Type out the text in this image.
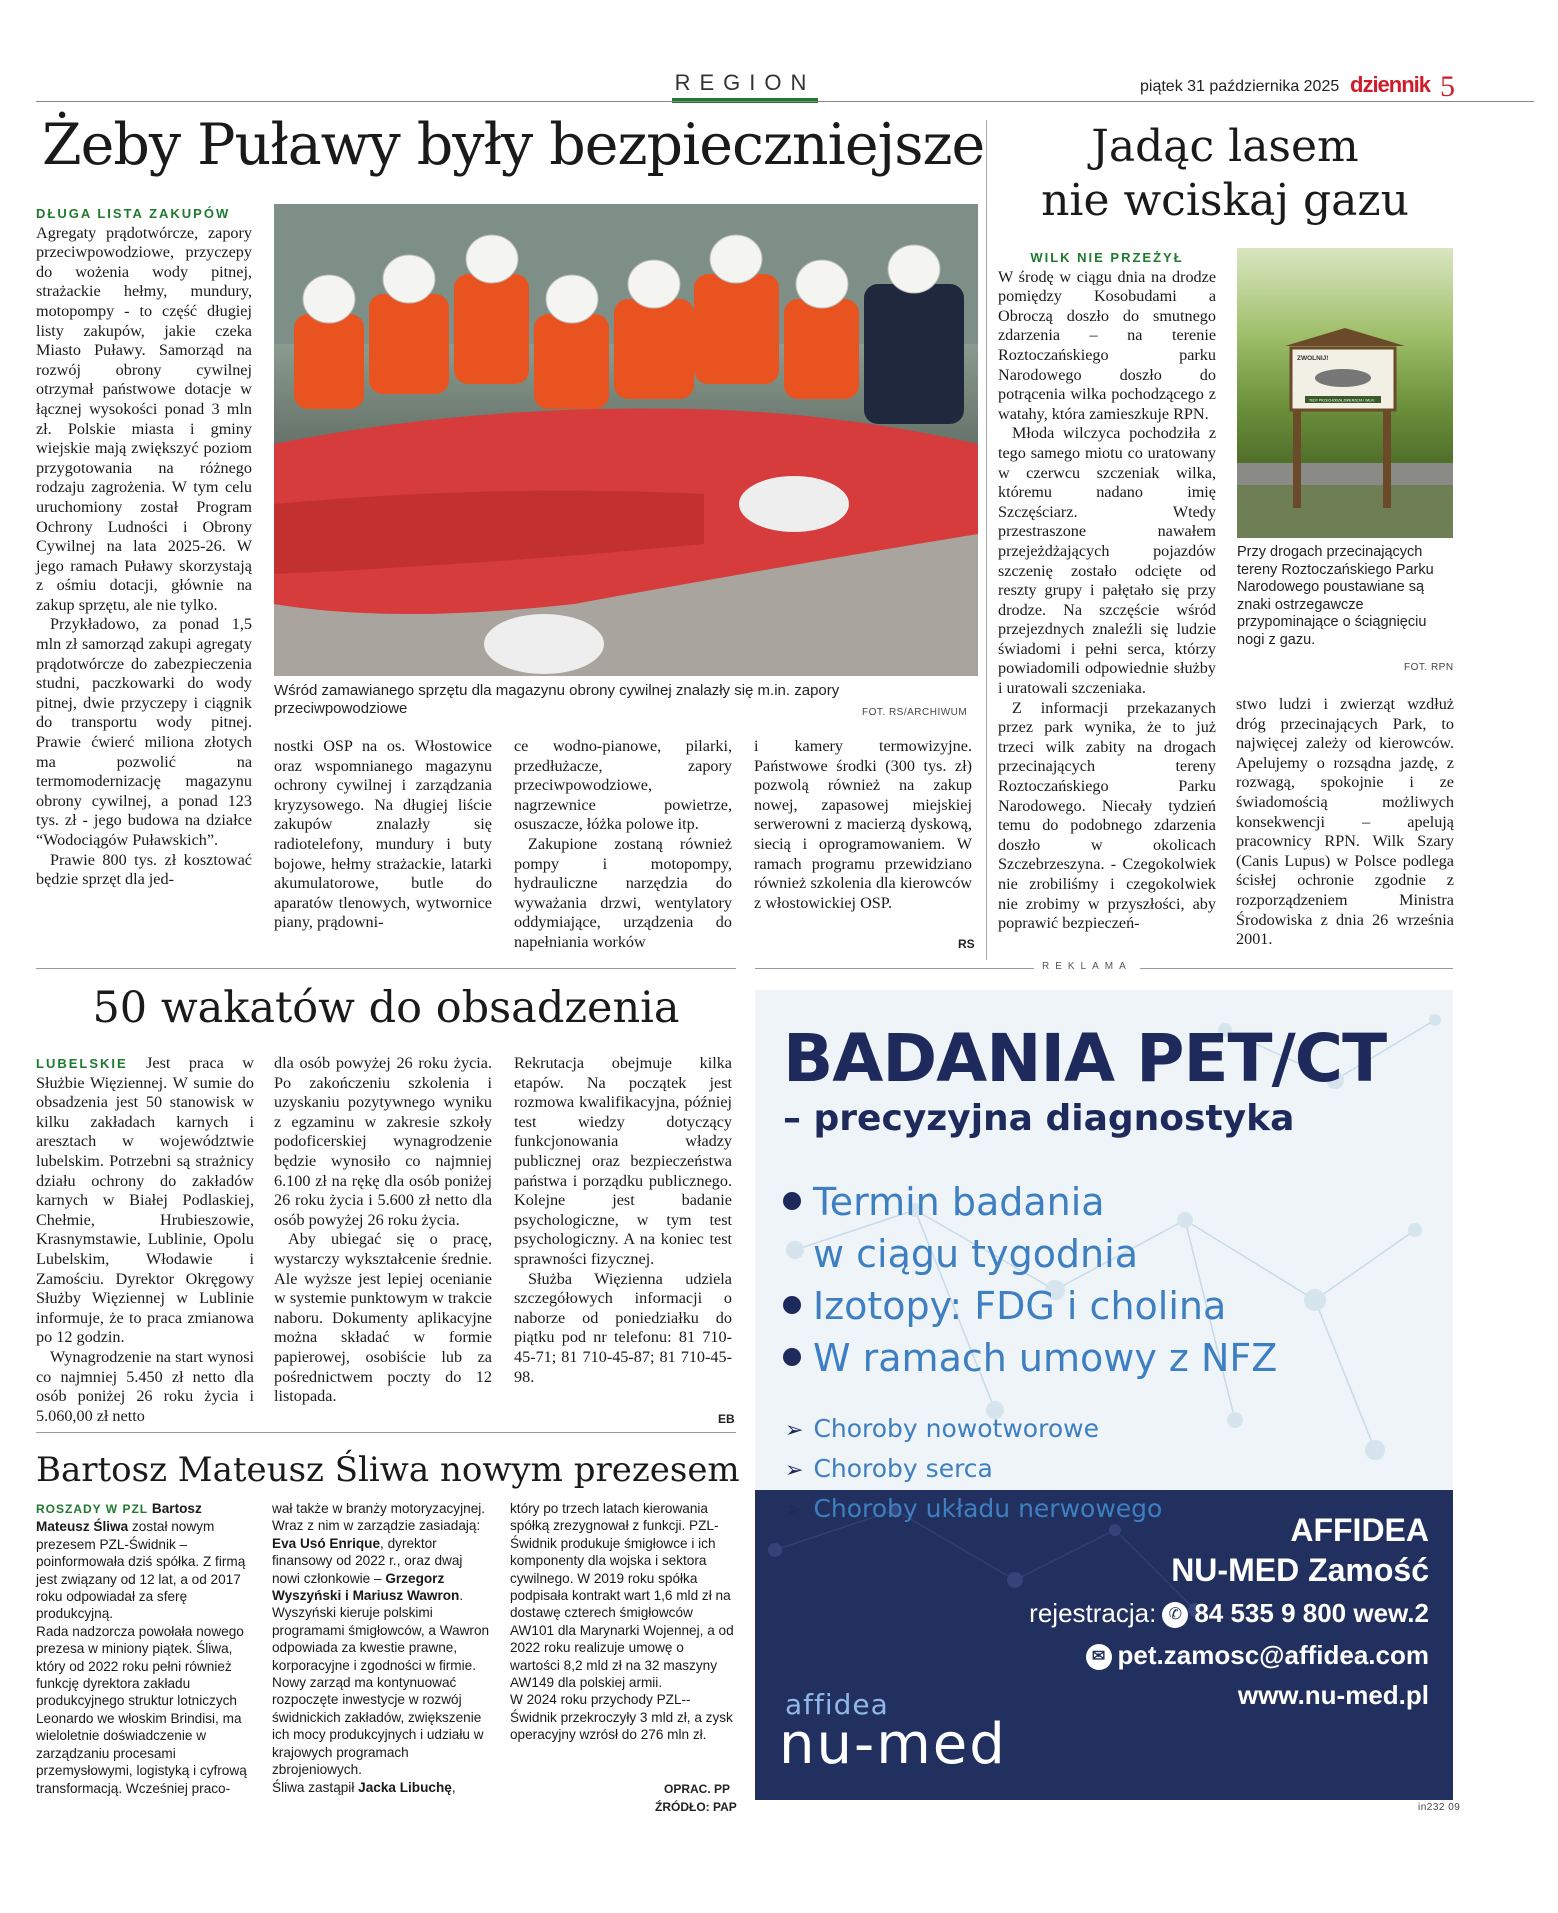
REGION	piątek 31 października 2025 dziennik 5
Żeby Puławy były bezpieczniejsze

DŁUGA LISTA ZAKUPÓW
Agregaty prądotwórcze, zapory przeciwpowodziowe, przyczepy do wożenia wody pitnej, strażackie hełmy, mundury, motopompy - to część długiej listy zakupów, jakie czeka Miasto Puławy. Samorząd na rozwój obrony cywilnej otrzymał państwowe dotacje w łącznej wysokości ponad 3 mln zł. Polskie miasta i gminy wiejskie mają zwiększyć poziom przygotowania na różnego rodzaju zagrożenia. W tym celu uruchomiony został Program Ochrony Ludności i Obrony Cywilnej na lata 2025-26. W jego ramach Puławy skorzystają z ośmiu dotacji, głównie na zakup sprzętu, ale nie tylko.

Przykładowo, za ponad 1,5 mln zł samorząd zakupi agregaty prądotwórcze do zabezpieczenia studni, paczkowarki do wody pitnej, dwie przyczepy i ciągnik do transportu wody pitnej. Prawie ćwierć miliona złotych ma pozwolić na termomodernizację magazynu obrony cywilnej, a ponad 123 tys. zł - jego budowa na działce “Wodociągów Puławskich”.

Prawie 800 tys. zł kosztować będzie sprzęt dla jed-

Wśród zamawianego sprzętu dla magazynu obrony cywilnej znalazły się m.in. zapory przeciwpowodziowe	FOT. RS/ARCHIWUM

nostki OSP na os. Włostowice oraz wspomnianego magazynu ochrony cywilnej i zarządzania kryzysowego. Na długiej liście zakupów znalazły się radiotelefony, mundury i buty bojowe, hełmy strażackie, latarki akumulatorowe, butle do aparatów tlenowych, wytwornice piany, prądowni-

ce wodno-pianowe, pilarki, przedłużacze, zapory przeciwpowodziowe, nagrzewnice powietrze, osuszacze, łóżka polowe itp.

Zakupione zostaną również pompy i motopompy, hydrauliczne narzędzia do wyważania drzwi, wentylatory oddymiające, urządzenia do napełniania worków

i kamery termowizyjne. Państwowe środki (300 tys. zł) pozwolą również na zakup nowej, zapasowej miejskiej serwerowni z macierzą dyskową, siecią i oprogramowaniem. W ramach programu przewidziano również szkolenia dla kierowców z włostowickiej OSP.

RS
Jadąc lasem
nie wciskaj gazu
WILK NIE PRZEŻYŁ

W środę w ciągu dnia na drodze pomiędzy Kosobudami a Obroczą doszło do smutnego zdarzenia – na terenie Roztoczańskiego parku Narodowego doszło do potrącenia wilka pochodzącego z watahy, która zamieszkuje RPN.

Młoda wilczyca pochodziła z tego samego miotu co uratowany w czerwcu szczeniak wilka, któremu nadano imię Szczęściarz. Wtedy przestraszone nawałem przejeżdżających pojazdów szczenię zostało odcięte od reszty grupy i pałętało się przy drodze. Na szczęście wśród przejezdnych znaleźli się ludzie świadomi i pełni serca, którzy powiadomili odpowiednie służby i uratowali szczeniaka.

Z informacji przekazanych przez park wynika, że to już trzeci wilk zabity na drogach przecinających tereny Roztoczańskiego Parku Narodowego. Niecały tydzień temu do podobnego zdarzenia doszło w okolicach Szczebrzeszyna. - Czegokolwiek nie zrobiliśmy i czegokolwiek nie zrobimy w przyszłości, aby poprawić bezpieczeń-

ZWOLNIJ!
TEDY PRZECHODZĄ ZWIERZĘTA I WILKI
Przy drogach przecinających tereny Roztoczańskiego Parku Narodowego poustawiane są znaki ostrzegawcze przypominające o ściągnięciu nogi z gazu.
FOT. RPN

stwo ludzi i zwierząt wzdłuż dróg przecinających Park, to najwięcej zależy od kierowców. Apelujemy o rozsądna jazdę, z rozwagą, spokojnie i ze świadomością możliwych konsekwencji – apelują pracownicy RPN. Wilk Szary (Canis Lupus) w Polsce podlega ścisłej ochronie zgodnie z rozporządzeniem Ministra Środowiska z dnia 26 września 2001.

REKLAMA
50 wakatów do obsadzenia

LUBELSKIE Jest praca w Służbie Więziennej. W sumie do obsadzenia jest 50 stanowisk w kilku zakładach karnych i aresztach w województwie lubelskim. Potrzebni są strażnicy działu ochrony do zakładów karnych w Białej Podlaskiej, Chełmie, Hrubieszowie, Krasnymstawie, Lublinie, Opolu Lubelskim, Włodawie i Zamościu. Dyrektor Okręgowy Służby Więziennej w Lublinie informuje, że to praca zmianowa po 12 godzin.

Wynagrodzenie na start wynosi co najmniej 5.450 zł netto dla osób poniżej 26 roku życia i 5.060,00 zł netto

dla osób powyżej 26 roku życia. Po zakończeniu szkolenia i uzyskaniu pozytywnego wyniku z egzaminu w zakresie szkoły podoficerskiej wynagrodzenie będzie wynosiło co najmniej 6.100 zł na rękę dla osób poniżej 26 roku życia i 5.600 zł netto dla osób powyżej 26 roku życia.

Aby ubiegać się o pracę, wystarczy wykształcenie średnie. Ale wyższe jest lepiej ocenianie w systemie punktowym w trakcie naboru. Dokumenty aplikacyjne można składać w formie papierowej, osobiście lub za pośrednictwem poczty do 12 listopada.

Rekrutacja obejmuje kilka etapów. Na początek jest rozmowa kwalifikacyjna, później test wiedzy dotyczący funkcjonowania władzy publicznej oraz bezpieczeństwa państwa i porządku publicznego. Kolejne jest badanie psychologiczne, w tym test psychologiczny. A na koniec test sprawności fizycznej.

Służba Więzienna udziela szczegółowych informacji o naborze od poniedziałku do piątku pod nr telefonu: 81 710-45-71; 81 710-45-87; 81 710-45-98.

EB
Bartosz Mateusz Śliwa nowym prezesem

ROSZADY W PZL Bartosz Mateusz Śliwa został nowym prezesem PZL-Świdnik – poinformowała dziś spółka. Z firmą jest związany od 12 lat, a od 2017 roku odpowiadał za sferę produkcyjną.

Rada nadzorcza powołała nowego prezesa w miniony piątek. Śliwa, który od 2022 roku pełni również funkcję dyrektora zakładu produkcyjnego struktur lotniczych Leonardo we włoskim Brindisi, ma wieloletnie doświadczenie w zarządzaniu procesami przemysłowymi, logistyką i cyfrową transformacją. Wcześniej praco-

wał także w branży motoryzacyjnej. Wraz z nim w zarządzie zasiadają: Eva Usó Enrique, dyrektor finansowy od 2022 r., oraz dwaj nowi członkowie – Grzegorz Wyszyński i Mariusz Wawron. Wyszyński kieruje polskimi programami śmigłowców, a Wawron odpowiada za kwestie prawne, korporacyjne i zgodności w firmie. Nowy zarząd ma kontynuować rozpoczęte inwestycje w rozwój świdnickich zakładów, zwiększenie ich mocy produkcyjnych i udziału w krajowych programach zbrojeniowych.

Śliwa zastąpił Jacka Libuchę,

który po trzech latach kierowania spółką zrezygnował z funkcji. PZL-Świdnik produkuje śmigłowce i ich komponenty dla wojska i sektora cywilnego. W 2019 roku spółka podpisała kontrakt wart 1,6 mld zł na dostawę czterech śmigłowców AW101 dla Marynarki Wojennej, a od 2022 roku realizuje umowę o wartości 8,2 mld zł na 32 maszyny AW149 dla polskiej armii.

W 2024 roku przychody PZL--Świdnik przekroczyły 3 mld zł, a zysk operacyjny wzrósł do 276 mln zł.

OPRAC. PP
ŹRÓDŁO: PAP
BADANIA PET/CT
– precyzyjna diagnostyka
Termin badania
w ciągu tygodnia
Izotopy: FDG i cholina
W ramach umowy z NFZ
➢ Choroby nowotworowe
➢ Choroby serca
AFFIDEA
NU-MED Zamość
rejestracja: ✆ 84 535 9 800 wew.2
✉ pet.zamosc@affidea.com
www.nu-med.pl
affidea
nu-med
➢ Choroby układu nerwowego
in232 09
